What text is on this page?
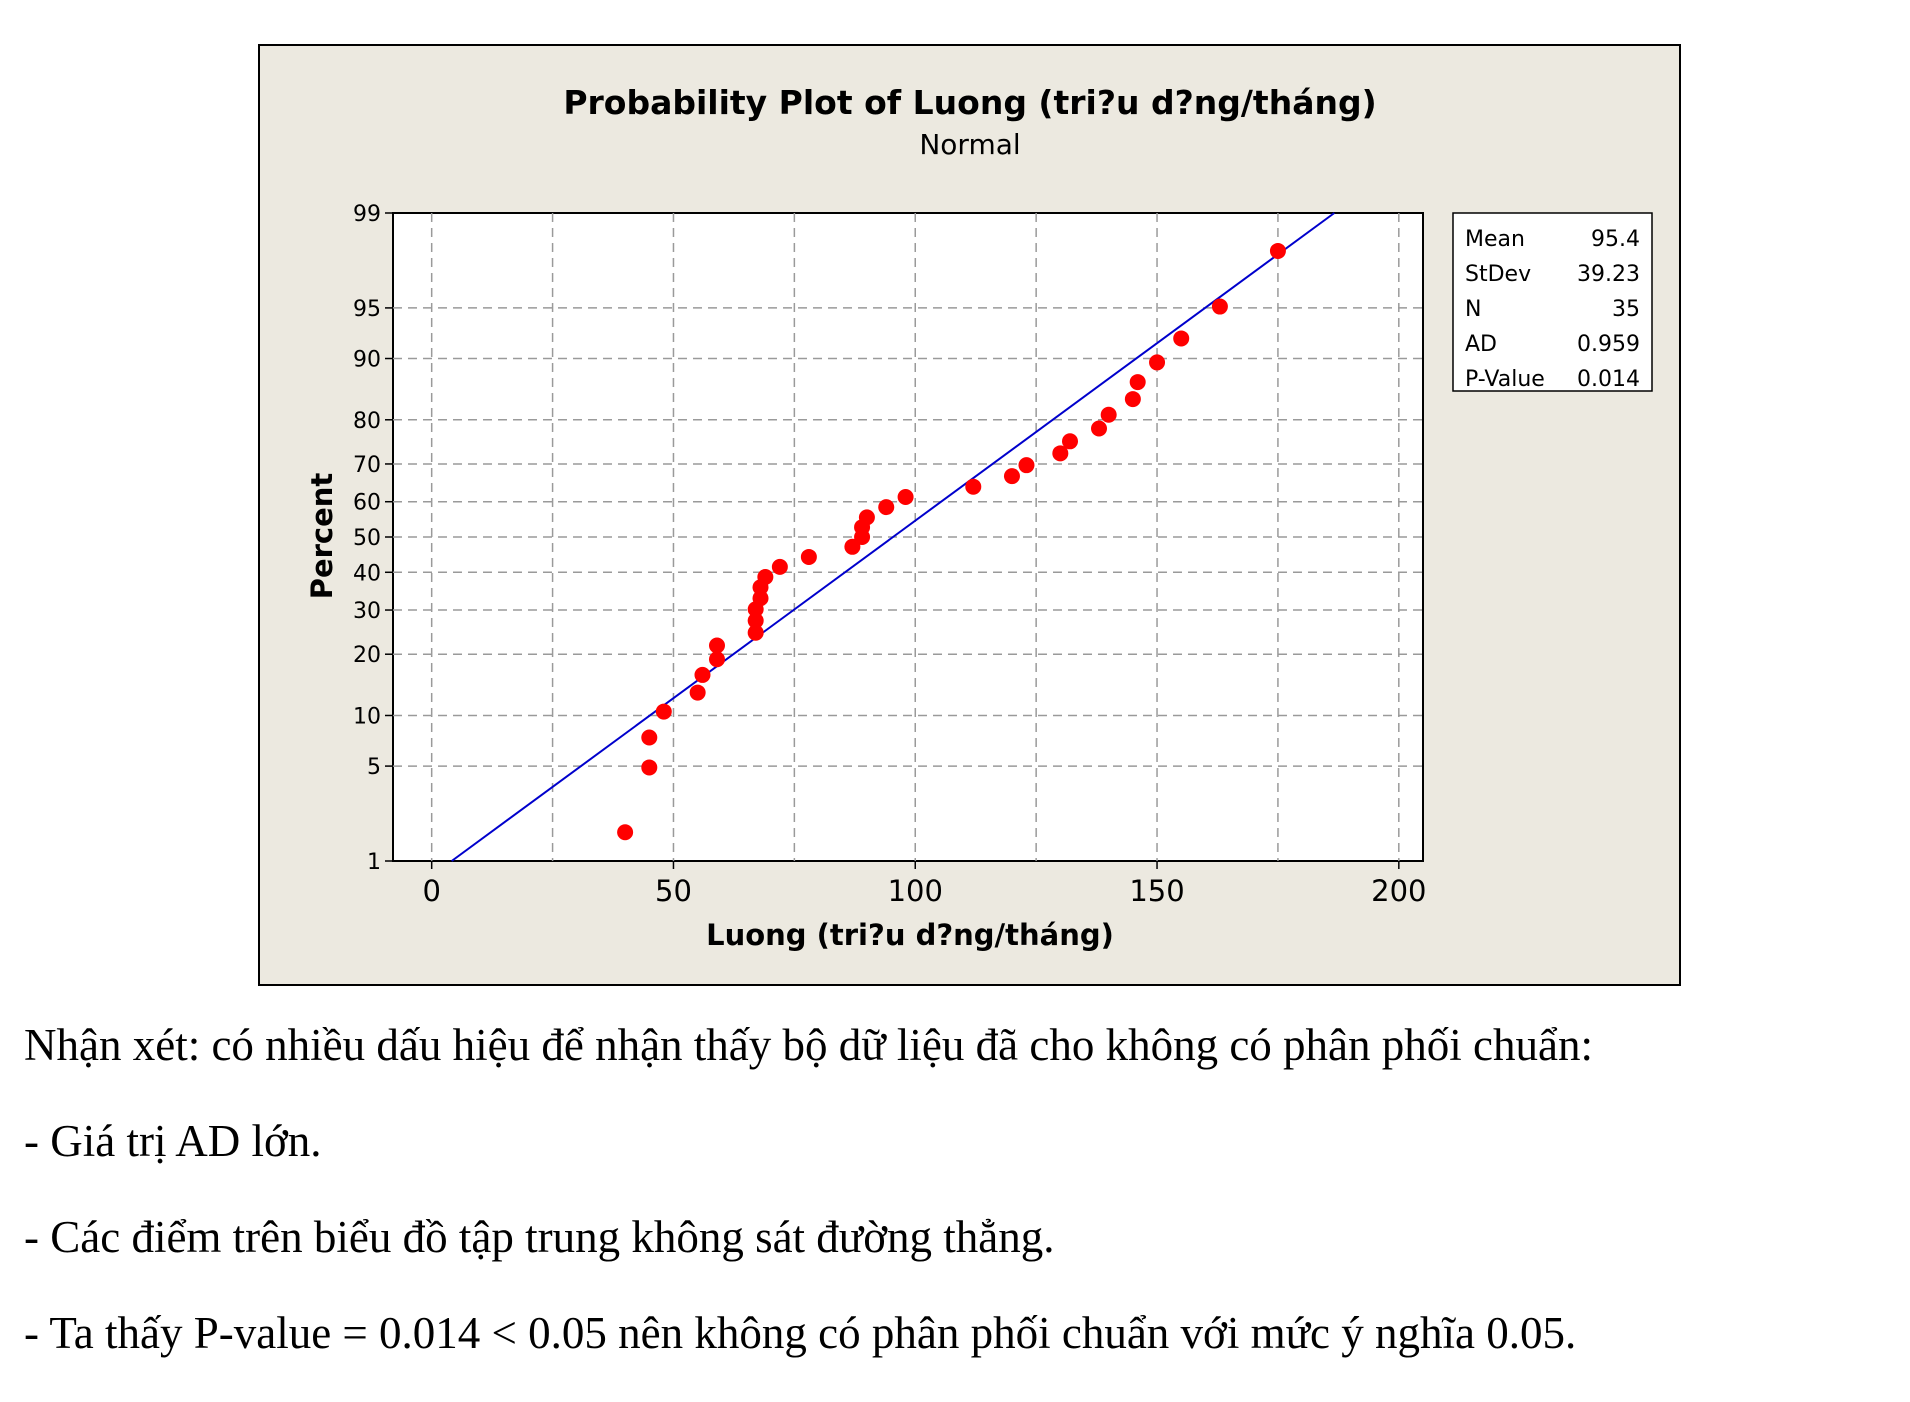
Probability Plot of Luong (tri?u d?ng/tháng)
Normal
0	50	100	150	200
1
5
10
20
30
40
50
60
70
80
90
95
99
Luong (tri?u d?ng/tháng)
Percent
Mean	95.4
StDev 39.23
N	35
AD	0.959
P-Value 0.014

Nhận xét: có nhiều dấu hiệu để nhận thấy bộ dữ liệu đã cho không có phân phối chuẩn:

- Giá trị AD lớn.

- Các điểm trên biểu đồ tập trung không sát đường thẳng.

- Ta thấy P-value = 0.014 < 0.05 nên không có phân phối chuẩn với mức ý nghĩa 0.05.
